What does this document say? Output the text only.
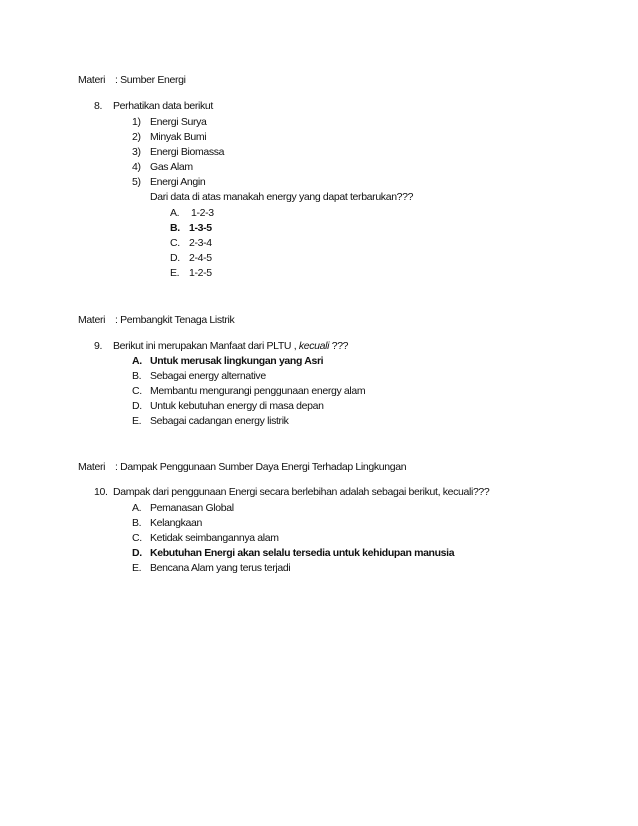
Materi : Sumber Energi
8. Perhatikan data berikut
1) Energi Surya
2) Minyak Bumi
3) Energi Biomassa
4) Gas Alam
5) Energi Angin
Dari data di atas manakah energy yang dapat terbarukan???
A. 1-2-3
B. 1-3-5
C. 2-3-4
D. 2-4-5
E. 1-2-5
Materi : Pembangkit Tenaga Listrik
9. Berikut ini merupakan Manfaat dari PLTU , kecuali ???
A. Untuk merusak lingkungan yang Asri
B. Sebagai energy alternative
C. Membantu mengurangi penggunaan energy alam
D. Untuk kebutuhan energy di masa depan
E. Sebagai cadangan energy listrik
Materi : Dampak Penggunaan Sumber Daya Energi Terhadap Lingkungan
10. Dampak dari penggunaan Energi secara berlebihan adalah sebagai berikut, kecuali???
A. Pemanasan Global
B. Kelangkaan
C. Ketidak seimbangannya alam
D. Kebutuhan Energi akan selalu tersedia untuk kehidupan manusia
E. Bencana Alam yang terus terjadi
